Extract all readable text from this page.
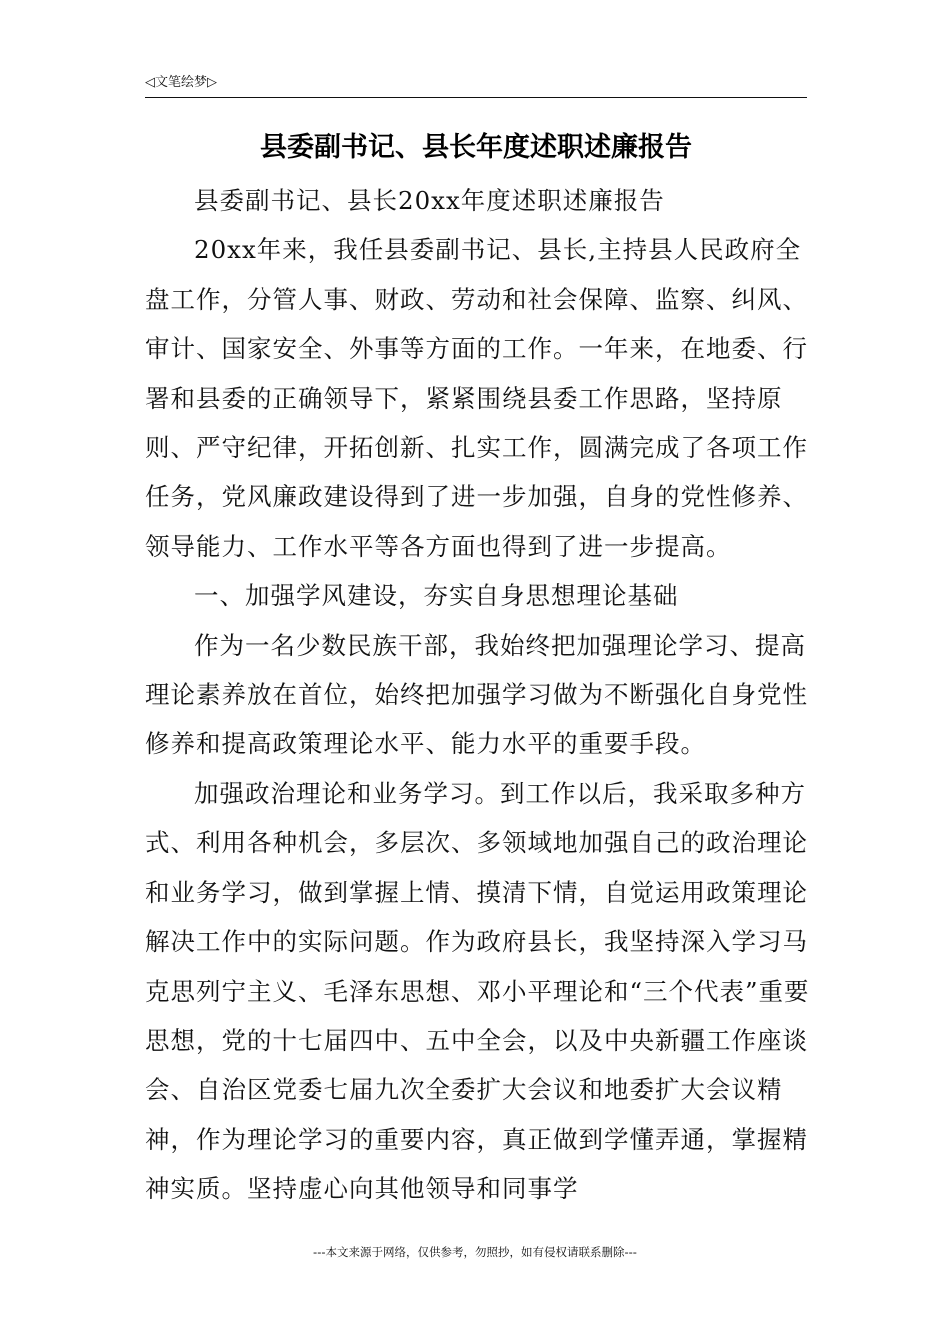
◁文笔绘梦▷
县委副书记、县长年度述职述廉报告

县委副书记、县长20xx年度述职述廉报告

20xx年来，我任县委副书记、县长,主持县人民政府全盘工作，分管人事、财政、劳动和社会保障、监察、纠风、审计、国家安全、外事等方面的工作。一年来，在地委、行署和县委的正确领导下，紧紧围绕县委工作思路，坚持原则、严守纪律，开拓创新、扎实工作，圆满完成了各项工作任务，党风廉政建设得到了进一步加强，自身的党性修养、领导能力、工作水平等各方面也得到了进一步提高。

一、加强学风建设，夯实自身思想理论基础

作为一名少数民族干部，我始终把加强理论学习、提高理论素养放在首位，始终把加强学习做为不断强化自身党性修养和提高政策理论水平、能力水平的重要手段。

加强政治理论和业务学习。到工作以后，我采取多种方式、利用各种机会，多层次、多领域地加强自己的政治理论和业务学习，做到掌握上情、摸清下情，自觉运用政策理论解决工作中的实际问题。作为政府县长，我坚持深入学习马克思列宁主义、毛泽东思想、邓小平理论和“三个代表”重要思想，党的十七届四中、五中全会，以及中央新疆工作座谈会、自治区党委七届九次全委扩大会议和地委扩大会议精神，作为理论学习的重要内容，真正做到学懂弄通，掌握精神实质。坚持虚心向其他领导和同事学

---本文来源于网络，仅供参考，勿照抄，如有侵权请联系删除---
